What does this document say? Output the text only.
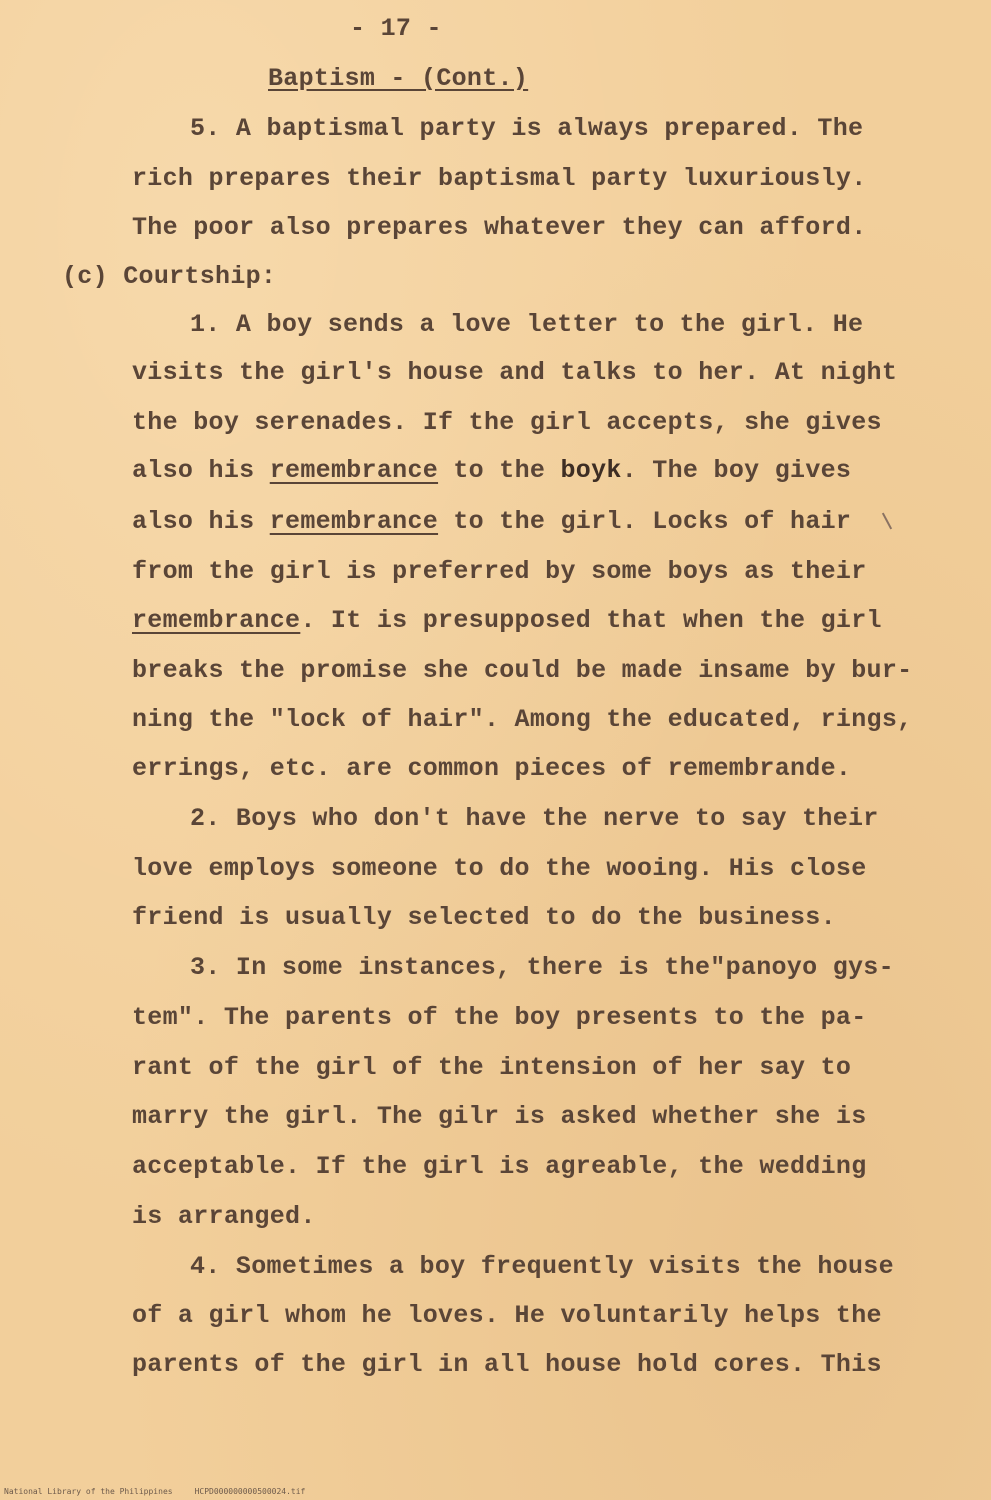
- 17 -
Baptism - (Cont.)
5. A baptismal party is always prepared. The
rich prepares their baptismal party luxuriously.
The poor also prepares whatever they can afford.
(c) Courtship:
1. A boy sends a love letter to the girl. He
visits the girl's house and talks to her. At night
the boy serenades. If the girl accepts, she gives
also his remembrance to the boyk. The boy gives
also his remembrance to the girl. Locks of hair
from the girl is preferred by some boys as their
remembrance. It is presupposed that when the girl
breaks the promise she could be made insame by bur-
ning the "lock of hair". Among the educated, rings,
errings, etc. are common pieces of remembrande.
2. Boys who don't have the nerve to say their
love employs someone to do the wooing. His close
friend is usually selected to do the business.
3. In some instances, there is the"panoyo gys-
tem". The parents of the boy presents to the pa-
rant of the girl of the intension of her say to
marry the girl. The gilr is asked whether she is
acceptable. If the girl is agreable, the wedding
is arranged.
4. Sometimes a boy frequently visits the house
of a girl whom he loves. He voluntarily helps the
parents of the girl in all house hold cores. This
National Library of the Philippines	HCPD000000000500024.tif
